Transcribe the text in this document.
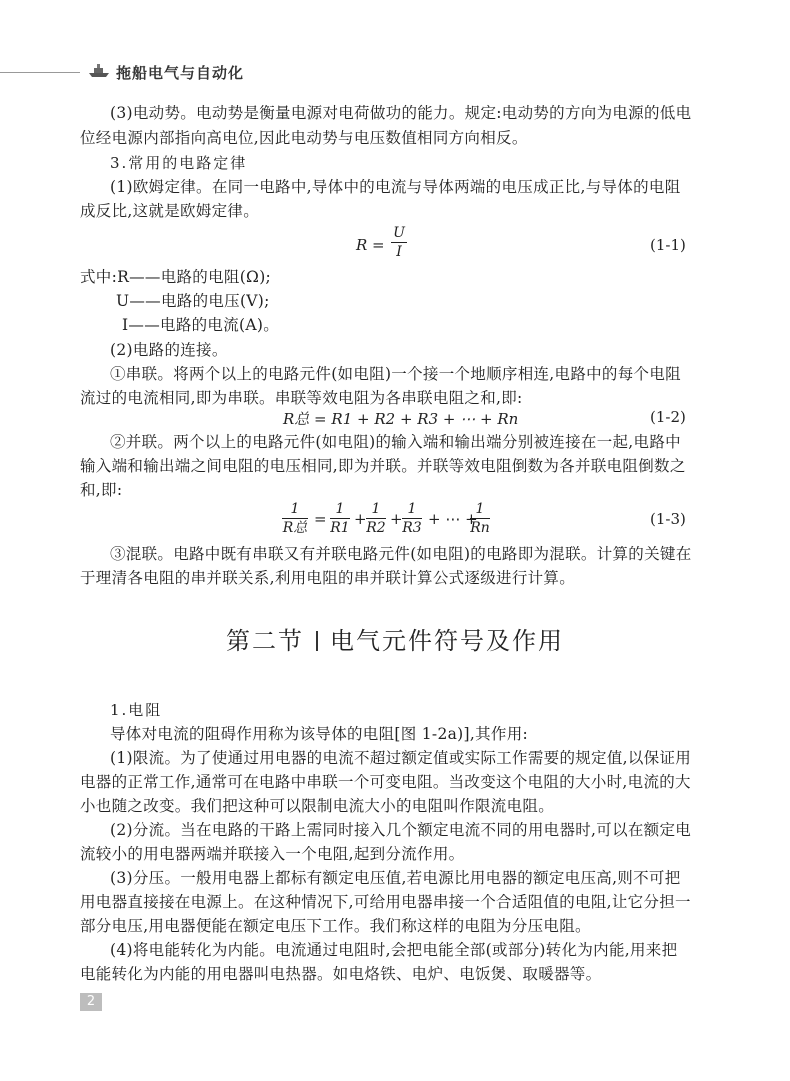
拖船电气与自动化
(3)电动势。电动势是衡量电源对电荷做功的能力。规定:电动势的方向为电源的低电
位经电源内部指向高电位,因此电动势与电压数值相同方向相反。
3.常用的电路定律
(1)欧姆定律。在同一电路中,导体中的电流与导体两端的电压成正比,与导体的电阻
成反比,这就是欧姆定律。
$R = \frac{U}{I}$	(1-1)
式中:R——电路的电阻(Ω);
U——电路的电压(V);
I——电路的电流(A)。
(2)电路的连接。
①串联。将两个以上的电路元件(如电阻)一个接一个地顺序相连,电路中的每个电阻
流过的电流相同,即为串联。串联等效电阻为各串联电阻之和,即:
R总 = R1 + R2 + R3 + ⋯ + Rn	(1-2)
②并联。两个以上的电路元件(如电阻)的输入端和输出端分别被连接在一起,电路中
输入端和输出端之间电阻的电压相同,即为并联。并联等效电阻倒数为各并联电阻倒数之
和,即:
1
R总 = $\frac{1}{R1} + \frac{1}{R2} + \frac{1}{R3}$ + ⋯ +
$\frac{1}{Rn}$	(1-3)
③混联。电路中既有串联又有并联电路元件(如电阻)的电路即为混联。计算的关键在
于理清各电阻的串并联关系,利用电阻的串并联计算公式逐级进行计算。
第二节 电气元件符号及作用
1.电阻
导体对电流的阻碍作用称为该导体的电阻[图 1-2a)],其作用:
(1)限流。为了使通过用电器的电流不超过额定值或实际工作需要的规定值,以保证用
电器的正常工作,通常可在电路中串联一个可变电阻。当改变这个电阻的大小时,电流的大
小也随之改变。我们把这种可以限制电流大小的电阻叫作限流电阻。
(2)分流。当在电路的干路上需同时接入几个额定电流不同的用电器时,可以在额定电
流较小的用电器两端并联接入一个电阻,起到分流作用。
(3)分压。一般用电器上都标有额定电压值,若电源比用电器的额定电压高,则不可把
用电器直接接在电源上。在这种情况下,可给用电器串接一个合适阻值的电阻,让它分担一
部分电压,用电器便能在额定电压下工作。我们称这样的电阻为分压电阻。
(4)将电能转化为内能。电流通过电阻时,会把电能全部(或部分)转化为内能,用来把
电能转化为内能的用电器叫电热器。如电烙铁、电炉、电饭煲、取暖器等。
2
